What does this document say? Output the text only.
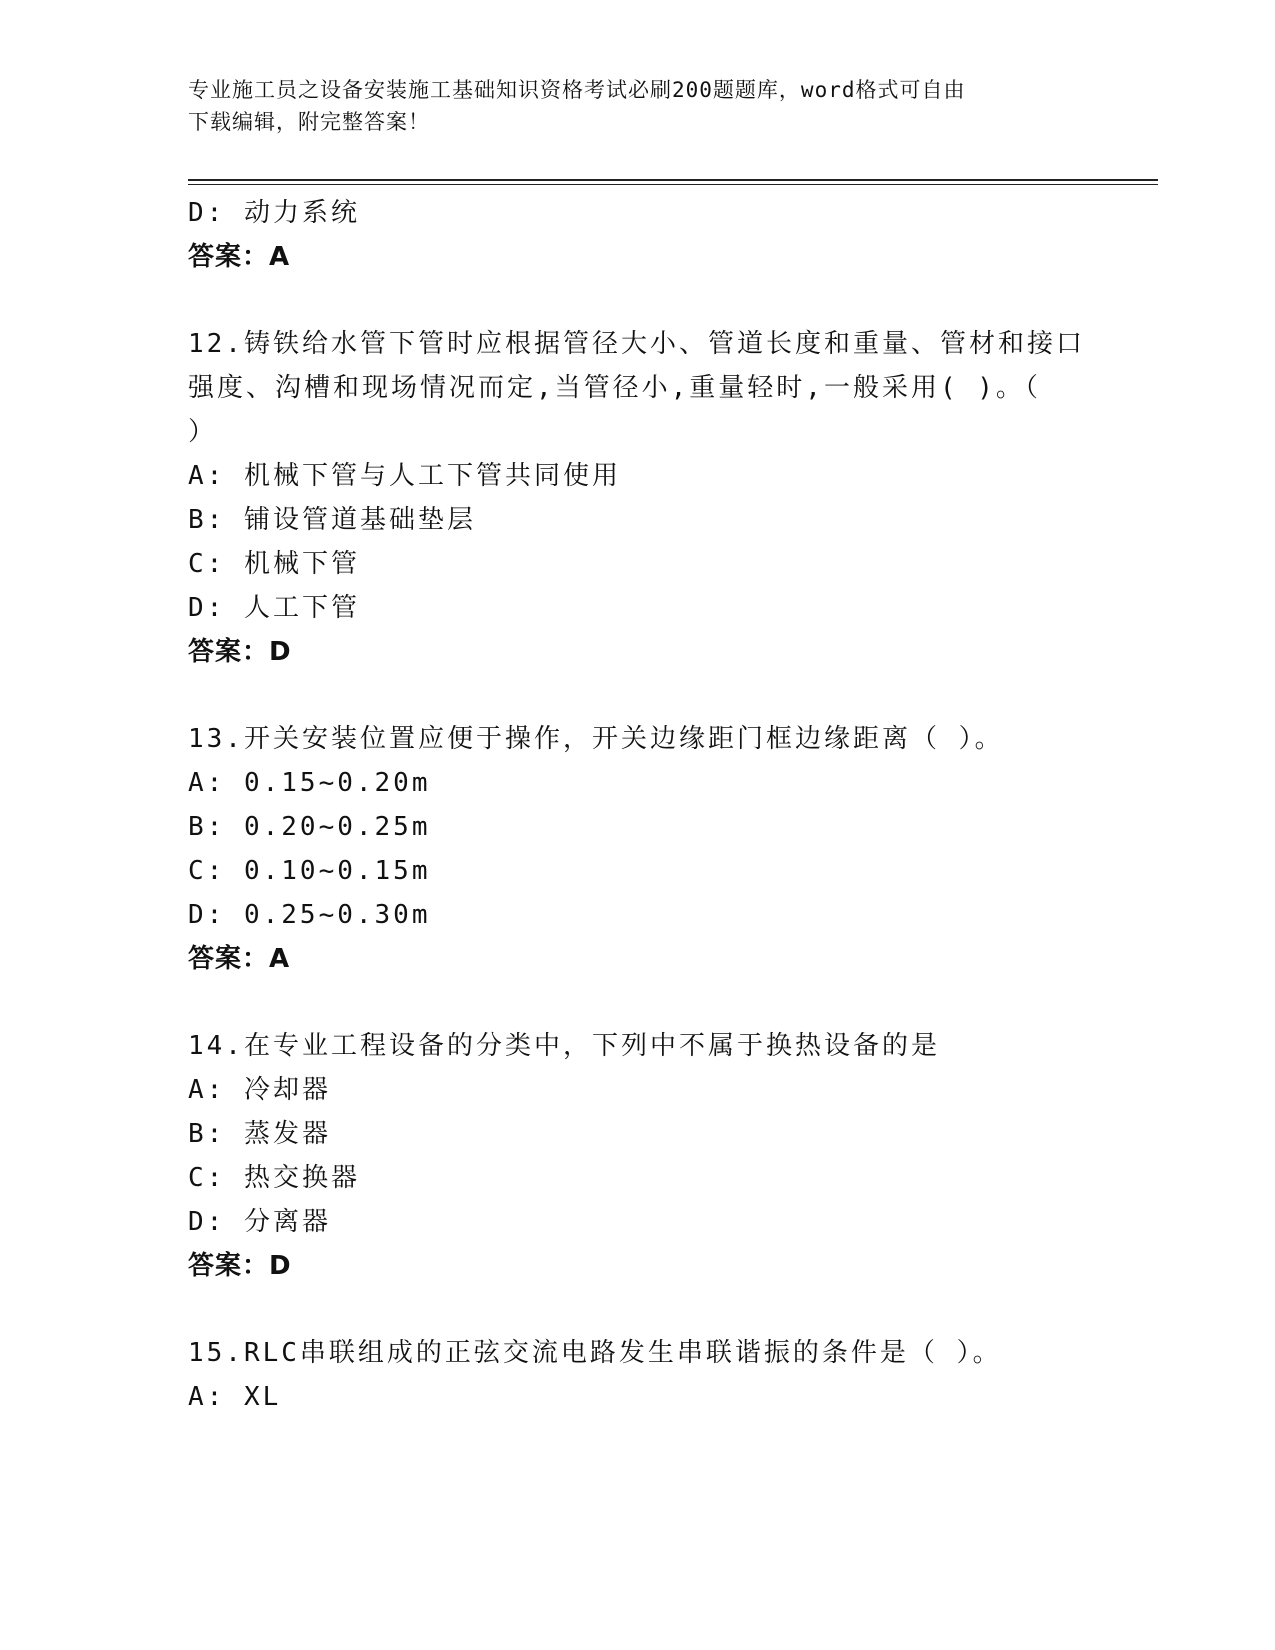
专业施工员之设备安装施工基础知识资格考试必刷200题题库，word格式可自由
下载编辑，附完整答案！
D: 动力系统
答案：A
12.铸铁给水管下管时应根据管径大小、管道长度和重量、管材和接口
强度、沟槽和现场情况而定,当管径小,重量轻时,一般采用( )。（
）
A: 机械下管与人工下管共同使用
B: 铺设管道基础垫层
C: 机械下管
D: 人工下管
答案：D
13.开关安装位置应便于操作，开关边缘距门框边缘距离（ ）。
A: 0.15~0.20m
B: 0.20~0.25m
C: 0.10~0.15m
D: 0.25~0.30m
答案：A
14.在专业工程设备的分类中，下列中不属于换热设备的是
A: 冷却器
B: 蒸发器
C: 热交换器
D: 分离器
答案：D
15.RLC串联组成的正弦交流电路发生串联谐振的条件是（ ）。
A: XL
